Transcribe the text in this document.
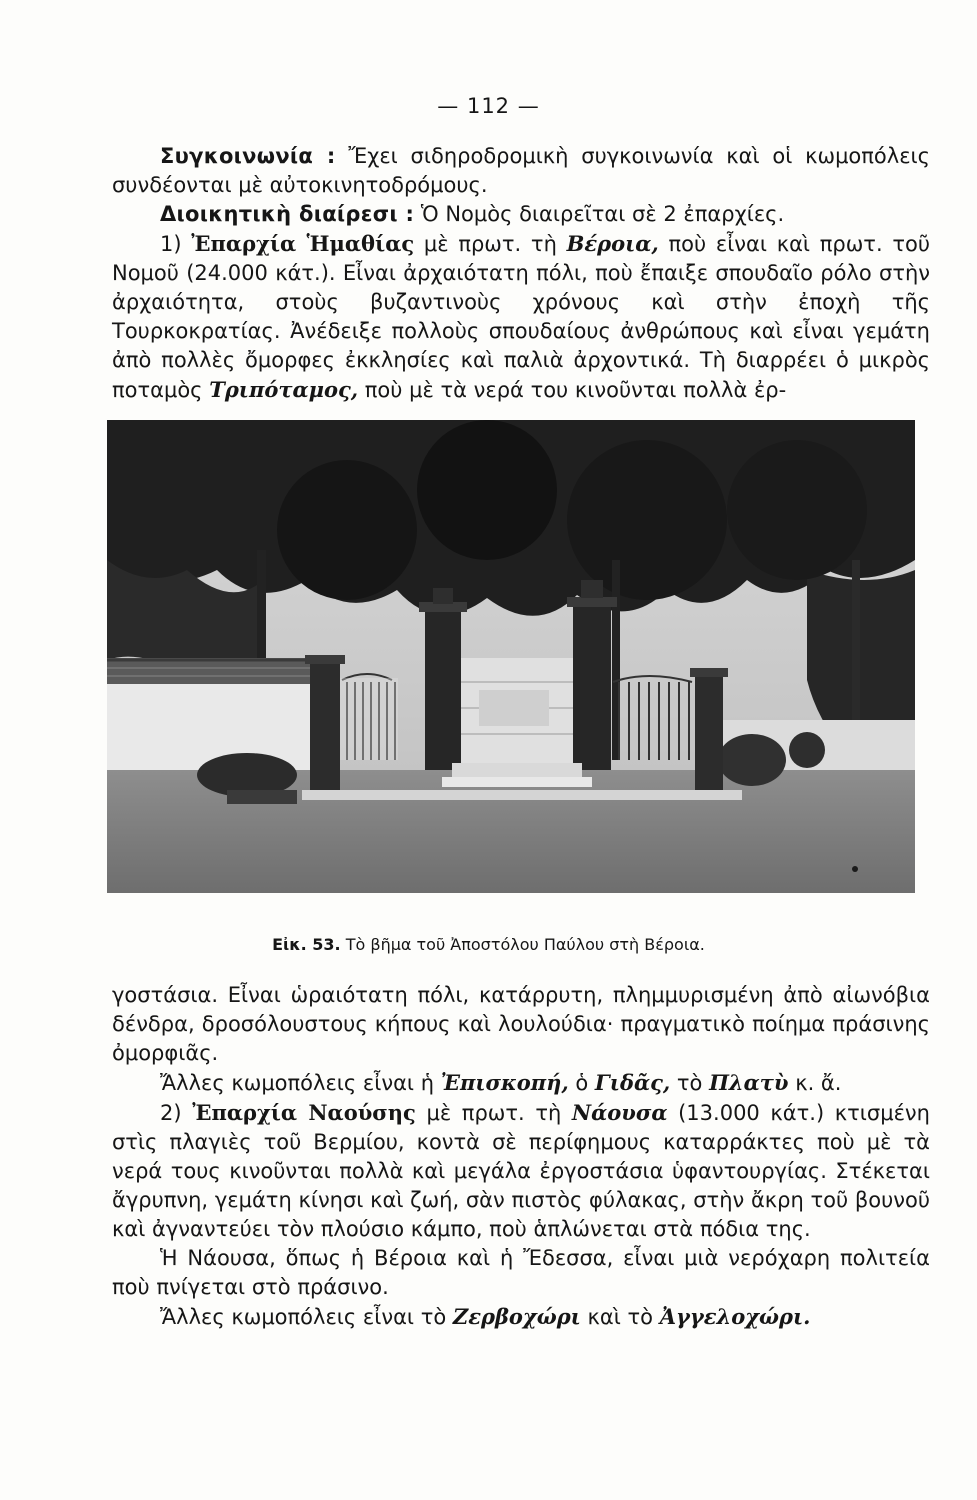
— 112 —

Συγκοινωνία : Ἔχει σιδηροδρομικὴ συγκοινωνία καὶ οἱ κωμοπόλεις συνδέονται μὲ αὐτοκινητοδρόμους.

Διοικητικὴ διαίρεσι : Ὁ Νομὸς διαιρεῖται σὲ 2 ἐπαρχίες.

1) Ἐπαρχία Ἡμαθίας μὲ πρωτ. τὴ Βέροια, ποὺ εἶναι καὶ πρωτ. τοῦ Νομοῦ (24.000 κάτ.). Εἶναι ἀρχαιότατη πόλι, ποὺ ἔπαιξε σπουδαῖο ρόλο στὴν ἀρχαιότητα, στοὺς βυζαντινοὺς χρόνους καὶ στὴν ἐποχὴ τῆς Τουρκοκρατίας. Ἀνέδειξε πολλοὺς σπουδαίους ἀνθρώπους καὶ εἶναι γεμάτη ἀπὸ πολλὲς ὄμορφες ἐκκλησίες καὶ παλιὰ ἀρχοντικά. Τὴ διαρρέει ὁ μικρὸς ποταμὸς Τριπόταμος, ποὺ μὲ τὰ νερά του κινοῦνται πολλὰ ἐρ-

Εἰκ. 53. Τὸ βῆμα τοῦ Ἀποστόλου Παύλου στὴ Βέροια.

γοστάσια. Εἶναι ὡραιότατη πόλι, κατάρρυτη, πλημμυρισμένη ἀπὸ αἰωνόβια δένδρα, δροσόλουστους κήπους καὶ λουλούδια· πραγματικὸ ποίημα πράσινης ὀμορφιᾶς.

Ἄλλες κωμοπόλεις εἶναι ἡ Ἐπισκοπή, ὁ Γιδᾶς, τὸ Πλατὺ κ. ἄ.

2) Ἐπαρχία Ναούσης μὲ πρωτ. τὴ Νάουσα (13.000 κάτ.) κτισμένη στὶς πλαγιὲς τοῦ Βερμίου, κοντὰ σὲ περίφημους καταρράκτες ποὺ μὲ τὰ νερά τους κινοῦνται πολλὰ καὶ μεγάλα ἐργοστάσια ὑφαντουργίας. Στέκεται ἄγρυπνη, γεμάτη κίνησι καὶ ζωή, σὰν πιστὸς φύλακας, στὴν ἄκρη τοῦ βουνοῦ καὶ ἀγναντεύει τὸν πλούσιο κάμπο, ποὺ ἁπλώνεται στὰ πόδια της.

Ἡ Νάουσα, ὅπως ἡ Βέροια καὶ ἡ Ἔδεσσα, εἶναι μιὰ νερόχαρη πολιτεία ποὺ πνίγεται στὸ πράσινο.

Ἄλλες κωμοπόλεις εἶναι τὸ Ζερβοχώρι καὶ τὸ Ἀγγελοχώρι.
